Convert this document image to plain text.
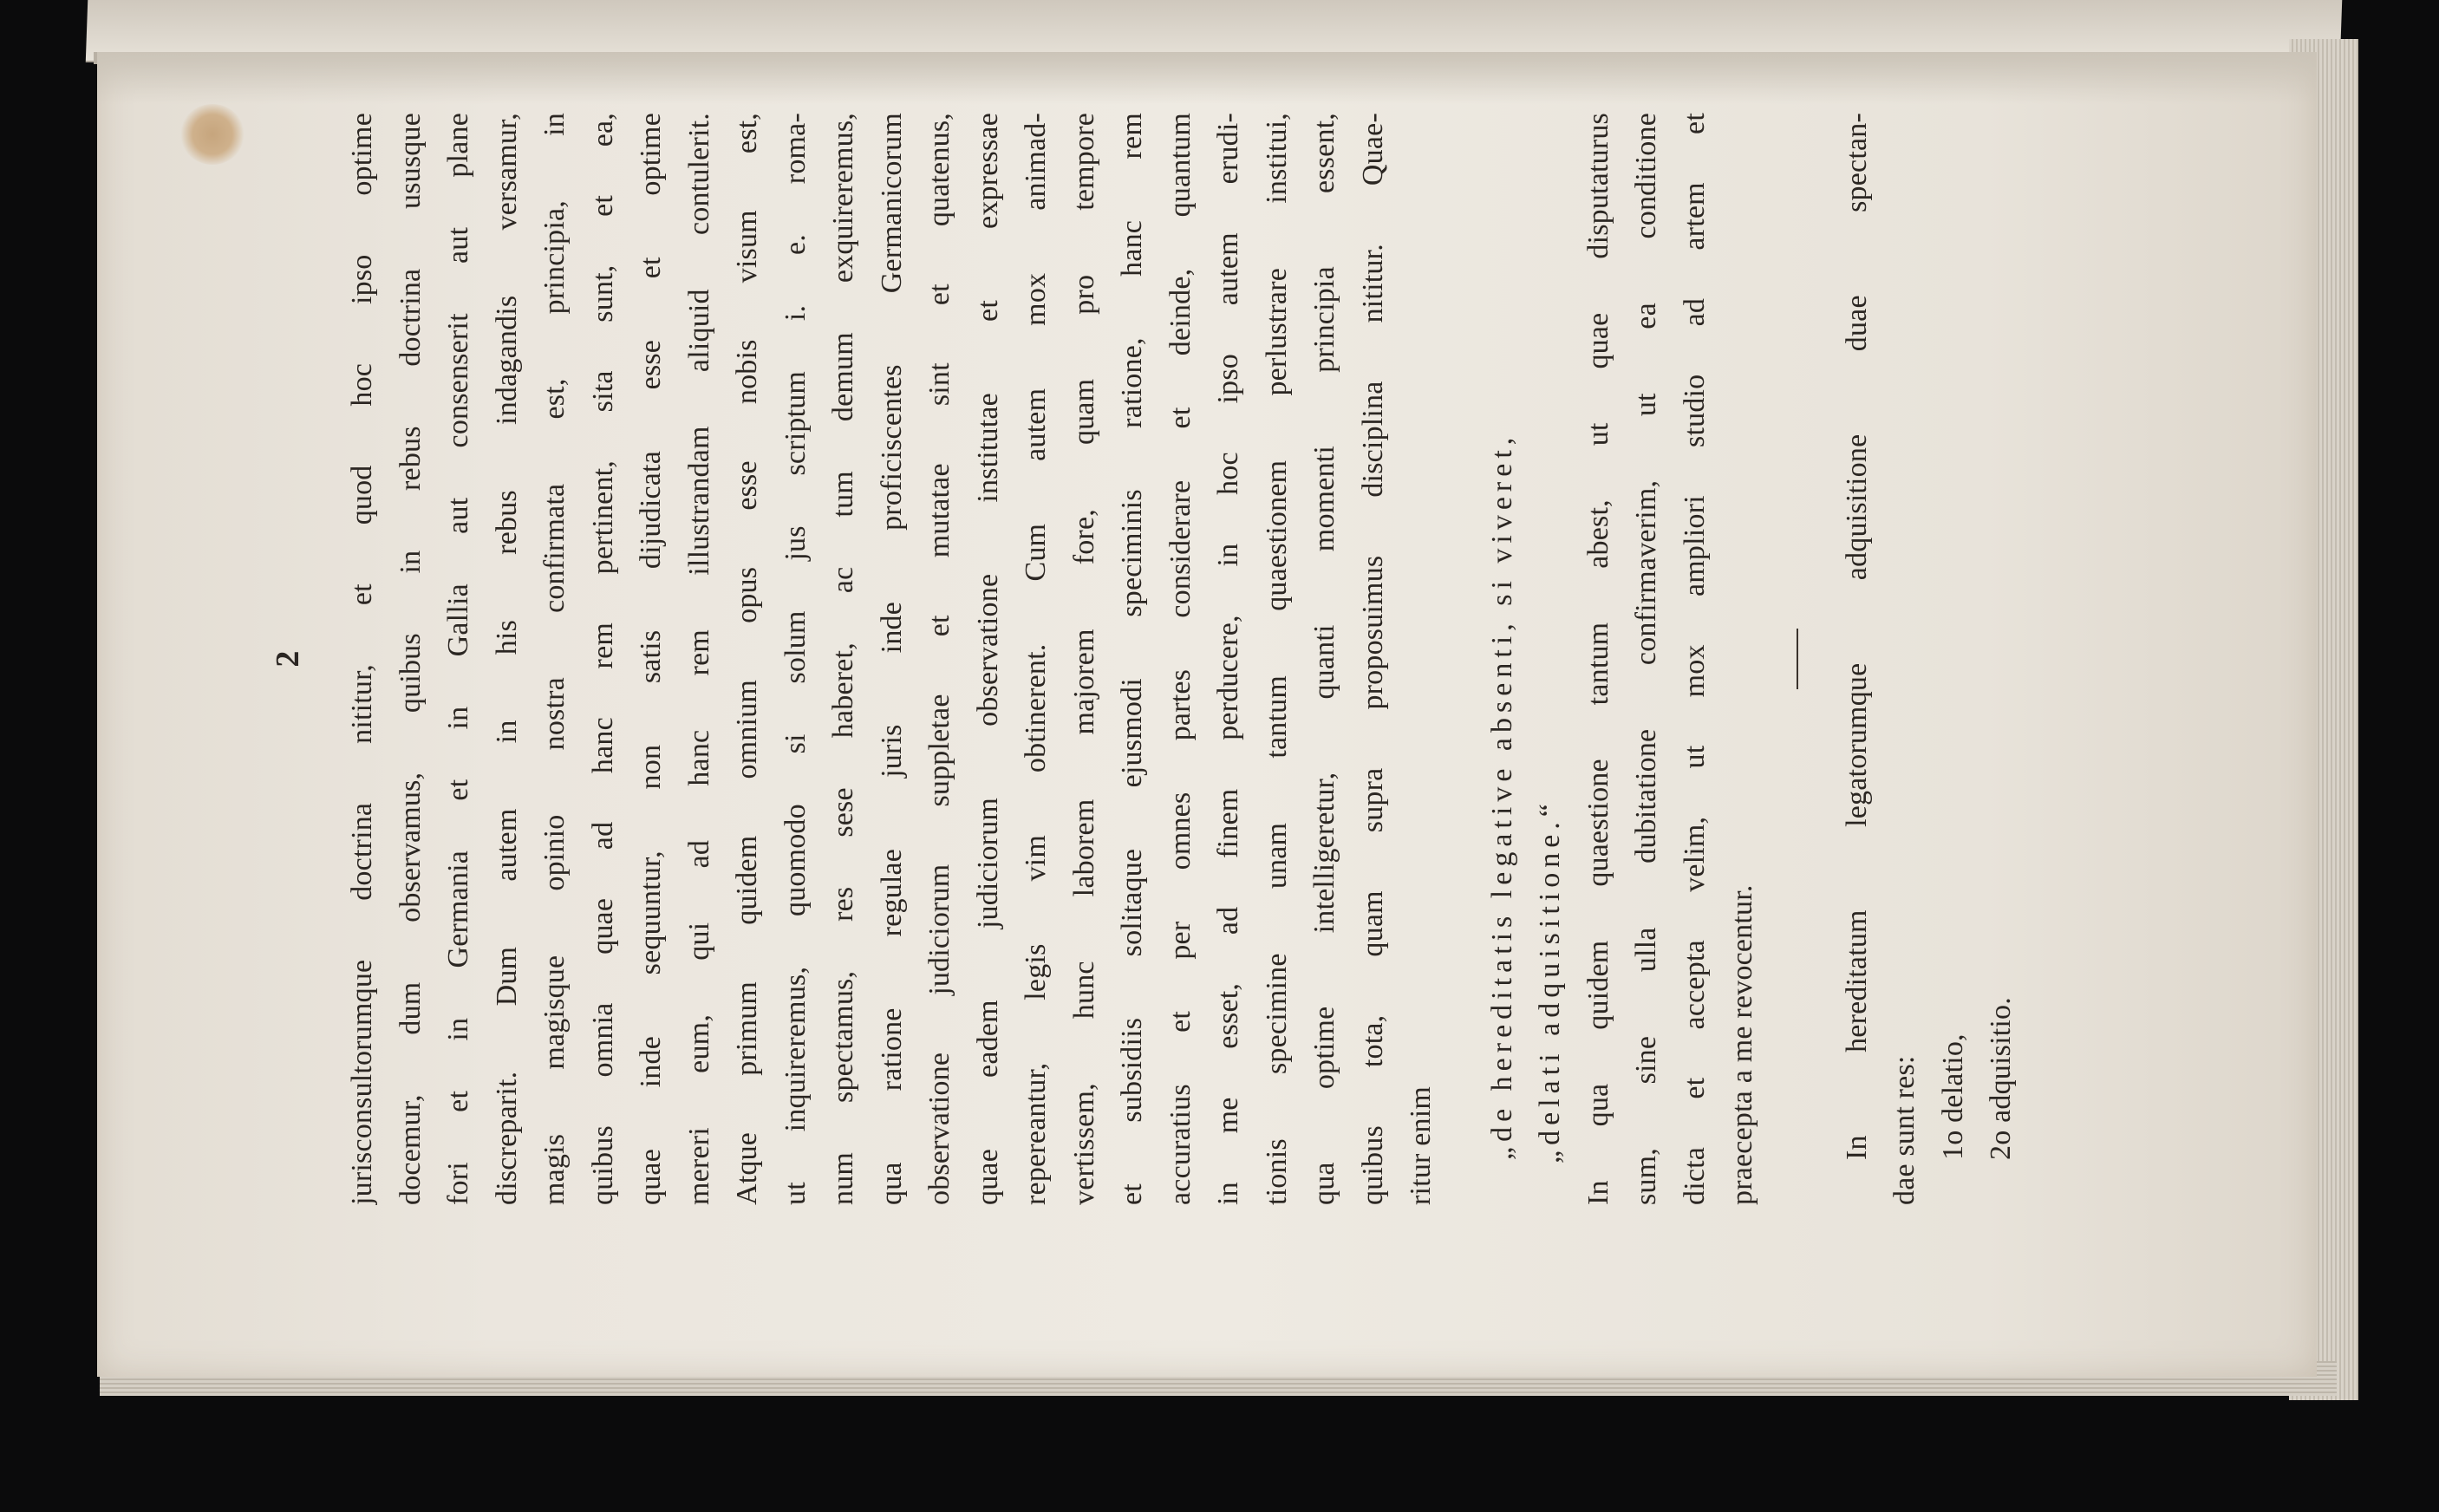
2 jurisconsultorumque doctrina nititur, et quod hoc ipso optime docemur, dum observamus, quibus in rebus doctrina ususque fori et in Germania et in Gallia aut consenserit aut plane discreparit. Dum autem in his rebus indagandis versamur, magis magisque opinio nostra confirmata est, principia, in quibus omnia quae ad hanc rem pertinent, sita sunt, et ea, quae inde sequuntur, non satis dijudicata esse et optime mereri eum, qui ad hanc rem illustrandam aliquid contulerit. Atque primum quidem omnium opus esse nobis visum est, ut inquireremus, quomodo si solum jus scriptum i. e. roma- num spectamus, res sese haberet, ac tum demum exquireremus, qua ratione regulae juris inde proficiscentes Germanicorum observatione judiciorum suppletae et mutatae sint et quatenus, quae eadem judiciorum observatione institutae et expressae repereantur, legis vim obtinerent. Cum autem mox animad- vertissem, hunc laborem majorem fore, quam pro tempore et subsidiis solitaque ejusmodi speciminis ratione, hanc rem accuratius et per omnes partes considerare et deinde, quantum in me esset, ad finem perducere, in hoc ipso autem erudi- tionis specimine unam tantum quaestionem perlustrare institui, qua optime intelligeretur, quanti momenti principia essent, quibus tota, quam supra proposuimus disciplina nititur. Quae- ritur enim „de hereditatis legative absenti, si viveret, „delati adquisitione.“ In qua quidem quaestione tantum abest, ut quae disputaturus sum, sine ulla dubitatione confirmaverim, ut ea conditione dicta et accepta velim, ut mox ampliori studio ad artem et praecepta a me revocentur.	In hereditatum legatorumque adquisitione duae spectan- dae sunt res: 1o delatio, 2o adquisitio.
